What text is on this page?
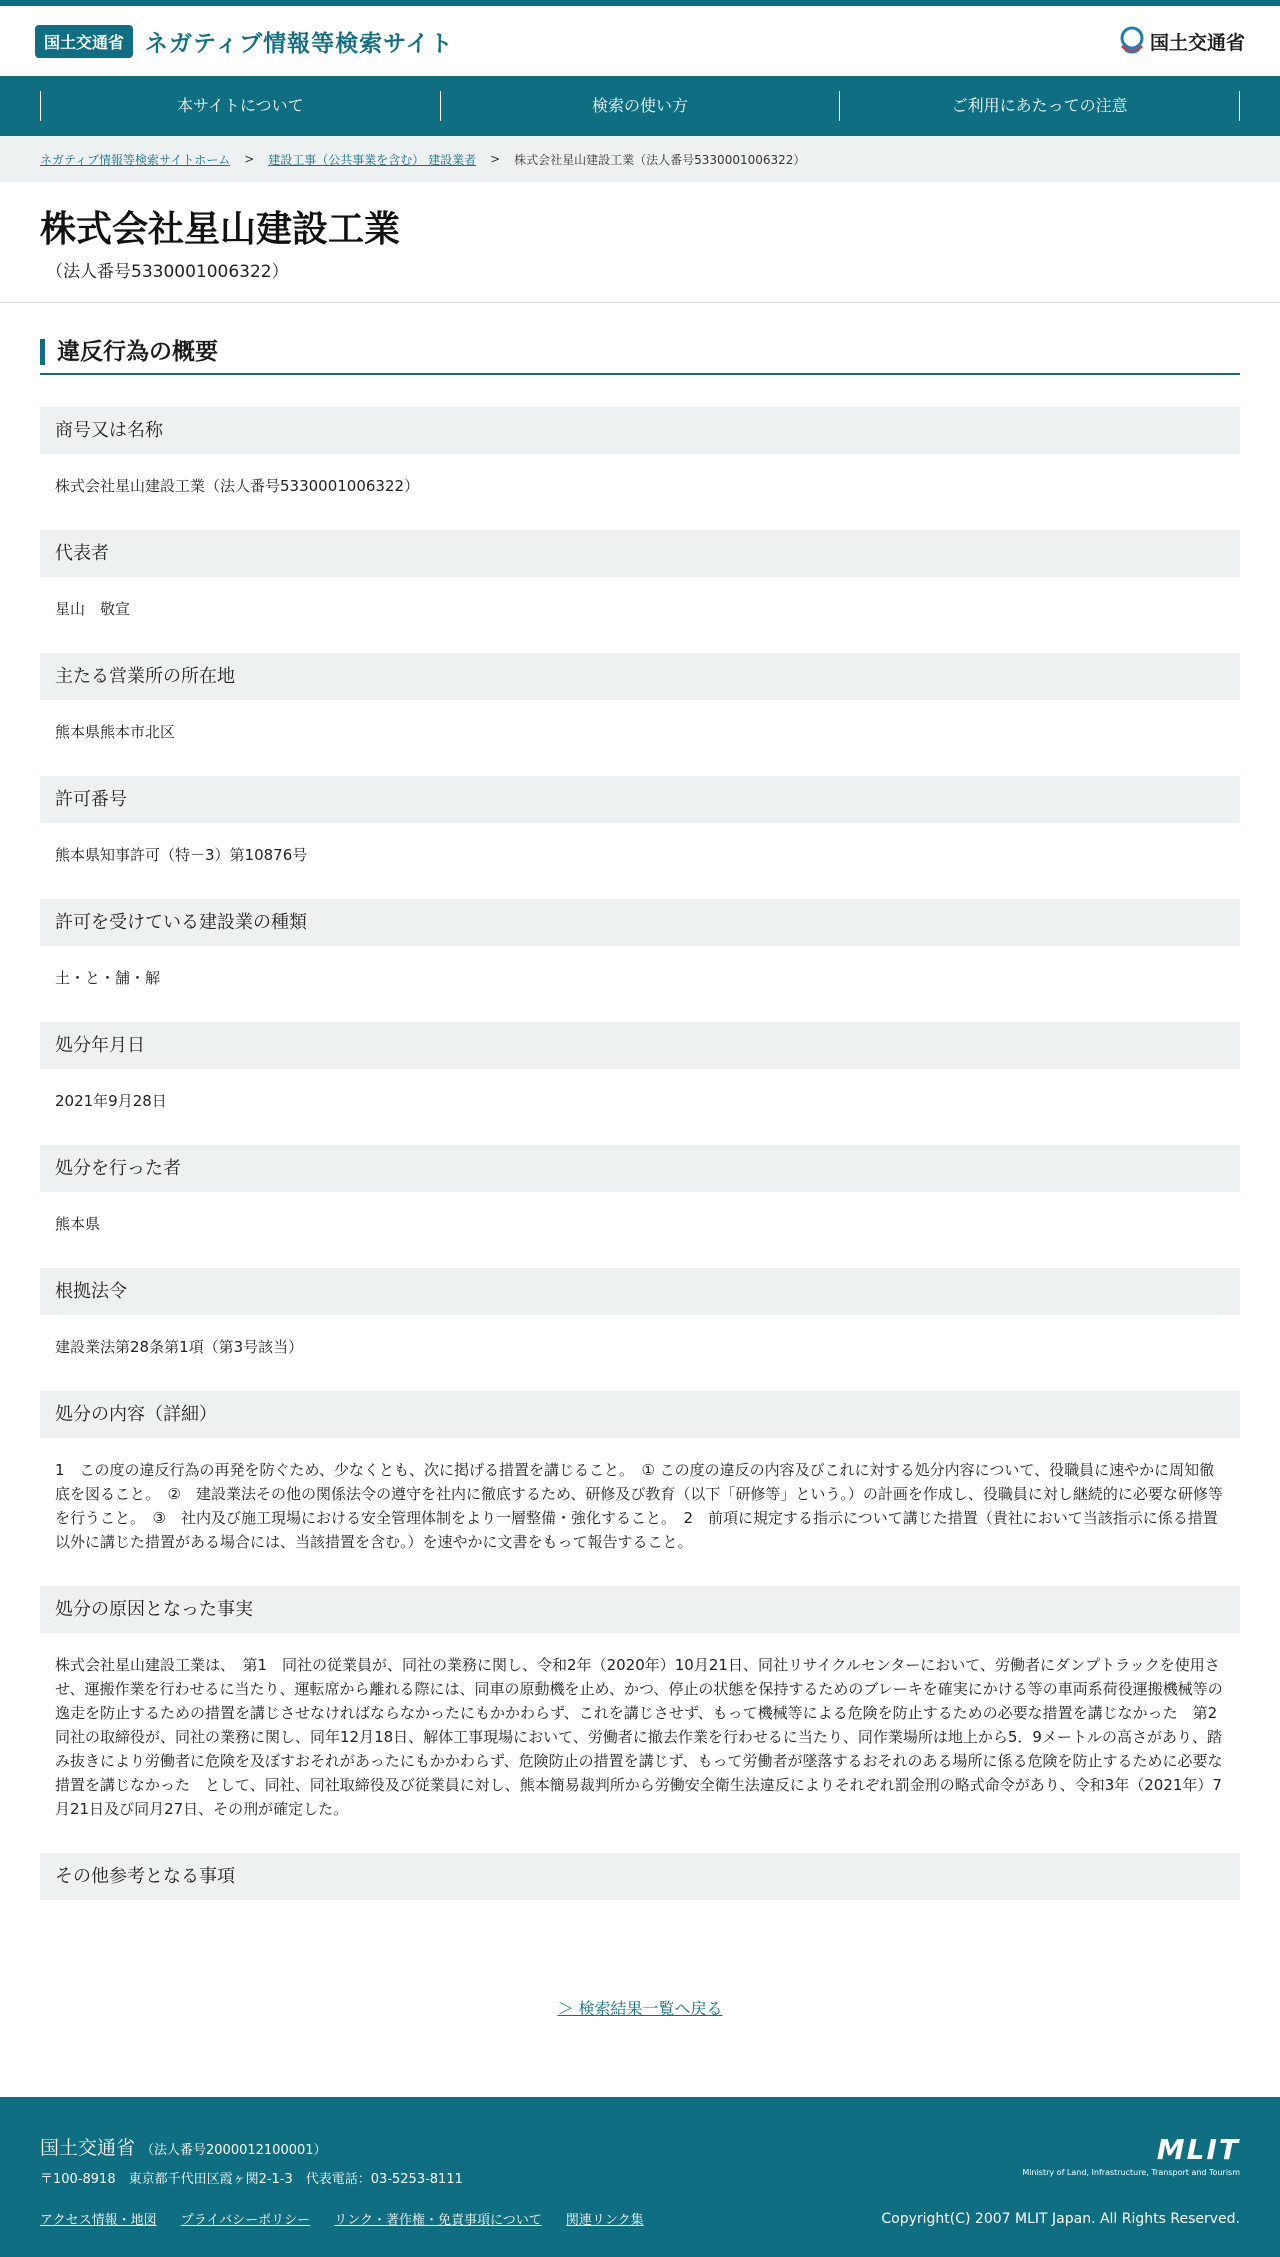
国土交通省 ネガティブ情報等検索サイト	国土交通省
本サイトについて	検索の使い方	ご利用にあたっての注意
ネガティブ情報等検索サイトホーム > 建設工事（公共事業を含む） 建設業者 > 株式会社星山建設工業（法人番号5330001006322）
株式会社星山建設工業
（法人番号5330001006322）
違反行為の概要
商号又は名称
株式会社星山建設工業（法人番号5330001006322）
代表者
星山　敬宣
主たる営業所の所在地
熊本県熊本市北区
許可番号
熊本県知事許可（特－3）第10876号
許可を受けている建設業の種類
土・と・舗・解
処分年月日
2021年9月28日
処分を行った者
熊本県
根拠法令
建設業法第28条第1項（第3号該当）
処分の内容（詳細）
1　この度の違反行為の再発を防ぐため、少なくとも、次に掲げる措置を講じること。　① この度の違反の内容及びこれに対する処分内容について、役職員に速やかに周知徹底を図ること。　②　建設業法その他の関係法令の遵守を社内に徹底するため、研修及び教育（以下「研修等」という。）の計画を作成し、役職員に対し継続的に必要な研修等を行うこと。　③　社内及び施工現場における安全管理体制をより一層整備・強化すること。　2　前項に規定する指示について講じた措置（貴社において当該指示に係る措置以外に講じた措置がある場合には、当該措置を含む。）を速やかに文書をもって報告すること。
処分の原因となった事実
株式会社星山建設工業は、　第1　同社の従業員が、同社の業務に関し、令和2年（2020年）10月21日、同社リサイクルセンターにおいて、労働者にダンプトラックを使用させ、運搬作業を行わせるに当たり、運転席から離れる際には、同車の原動機を止め、かつ、停止の状態を保持するためのブレーキを確実にかける等の車両系荷役運搬機械等の逸走を防止するための措置を講じさせなければならなかったにもかかわらず、これを講じさせず、もって機械等による危険を防止するための必要な措置を講じなかった　第2　同社の取締役が、同社の業務に関し、同年12月18日、解体工事現場において、労働者に撤去作業を行わせるに当たり、同作業場所は地上から5．9メートルの高さがあり、踏み抜きにより労働者に危険を及ぼすおそれがあったにもかかわらず、危険防止の措置を講じず、もって労働者が墜落するおそれのある場所に係る危険を防止するために必要な措置を講じなかった　として、同社、同社取締役及び従業員に対し、熊本簡易裁判所から労働安全衛生法違反によりそれぞれ罰金刑の略式命令があり、令和3年（2021年）7月21日及び同月27日、その刑が確定した。
その他参考となる事項
＞ 検索結果一覧へ戻る
国土交通省 （法人番号2000012100001）
〒100-8918　東京都千代田区霞ヶ関2-1-3　代表電話：03-5253-8111
アクセス情報・地図 プライバシーポリシー リンク・著作権・免責事項について 関連リンク集
MLIT
Ministry of Land, Infrastructure, Transport and Tourism
Copyright(C) 2007 MLIT Japan. All Rights Reserved.
